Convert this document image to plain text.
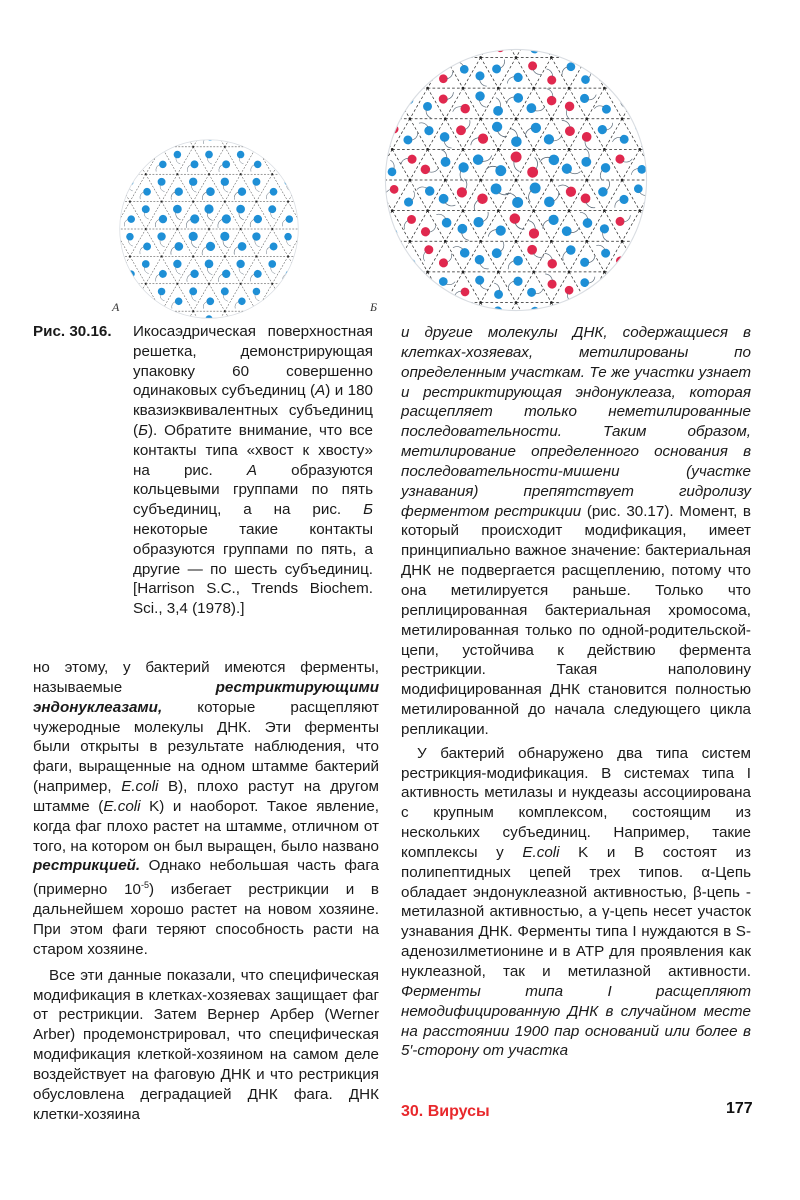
A	Б
Рис. 30.16.	Икосаэдрическая поверхностная решетка, демонстрирующая упаковку 60 совершенно одинаковых субъединиц (А) и 180 квазиэквивалентных субъединиц (Б). Обратите внимание, что все контакты типа «хвост к хвосту» на рис. А образуются кольцевыми группами по пять субъединиц, а на рис. Б некоторые такие контакты образуются группами по пять, а другие — по шесть субъединиц. [Harrison S.C., Trends Biochem. Sci., 3,4 (1978).]

но этому, у бактерий имеются ферменты, называемые рестриктирующими эндонуклеазами, которые расщепляют чужеродные молекулы ДНК. Эти ферменты были открыты в результате наблюдения, что фаги, выращенные на одном штамме бактерий (например, E.coli B), плохо растут на другом штамме (E.coli K) и наоборот. Такое явление, когда фаг плохо растет на штамме, отличном от того, на котором он был выращен, было названо рестрикцией. Однако небольшая часть фага (примерно $10^{-5}$) избегает рестрикции и в дальнейшем хорошо растет на новом хозяине. При этом фаги теряют способность расти на старом хозяине.

Все эти данные показали, что специфическая модификация в клетках-хозяевах защищает фаг от рестрикции. Затем Вернер Арбер (Werner Arber) продемонстрировал, что специфическая модификация клеткой-хозяином на самом деле воздействует на фаговую ДНК и что рестрикция обусловлена деградацией ДНК фага. ДНК клетки-хозяина

и другие молекулы ДНК, содержащиеся в клетках-хозяевах, метилированы по определенным участкам. Те же участки узнает и рестриктирующая эндонуклеаза, которая расщепляет только неметилированные последовательности. Таким образом, метилирование определенного основания в последовательности-мишени (участке узнавания) препятствует гидролизу ферментом рестрикции (рис. 30.17). Момент, в который происходит модификация, имеет принципиально важное значение: бактериальная ДНК не подвергается расщеплению, потому что она метилируется раньше. Только что реплицированная бактериальная хромосома, метилированная только по одной-родительской-цепи, устойчива к действию фермента рестрикции. Такая наполовину модифицированная ДНК становится полностью метилированной до начала следующего цикла репликации.

У бактерий обнаружено два типа систем рестрикция-модификация. В системах типа I активность метилазы и нукдеазы ассоциирована с крупным комплексом, состоящим из нескольких субъединиц. Например, такие комплексы у E.coli K и B состоят из полипептидных цепей трех типов. α-Цепь обладает эндонуклеазной активностью, β-цепь - метилазной активностью, а γ-цепь несет участок узнавания ДНК. Ферменты типа I нуждаются в S-аденозилметионине и в ATP для проявления как нуклеазной, так и метилазной активности. Ферменты типа I расщепляют немодифицированную ДНК в случайном месте на расстоянии 1900 пар оснований или более в 5′-сторону от участка

30. Вирусы	177
